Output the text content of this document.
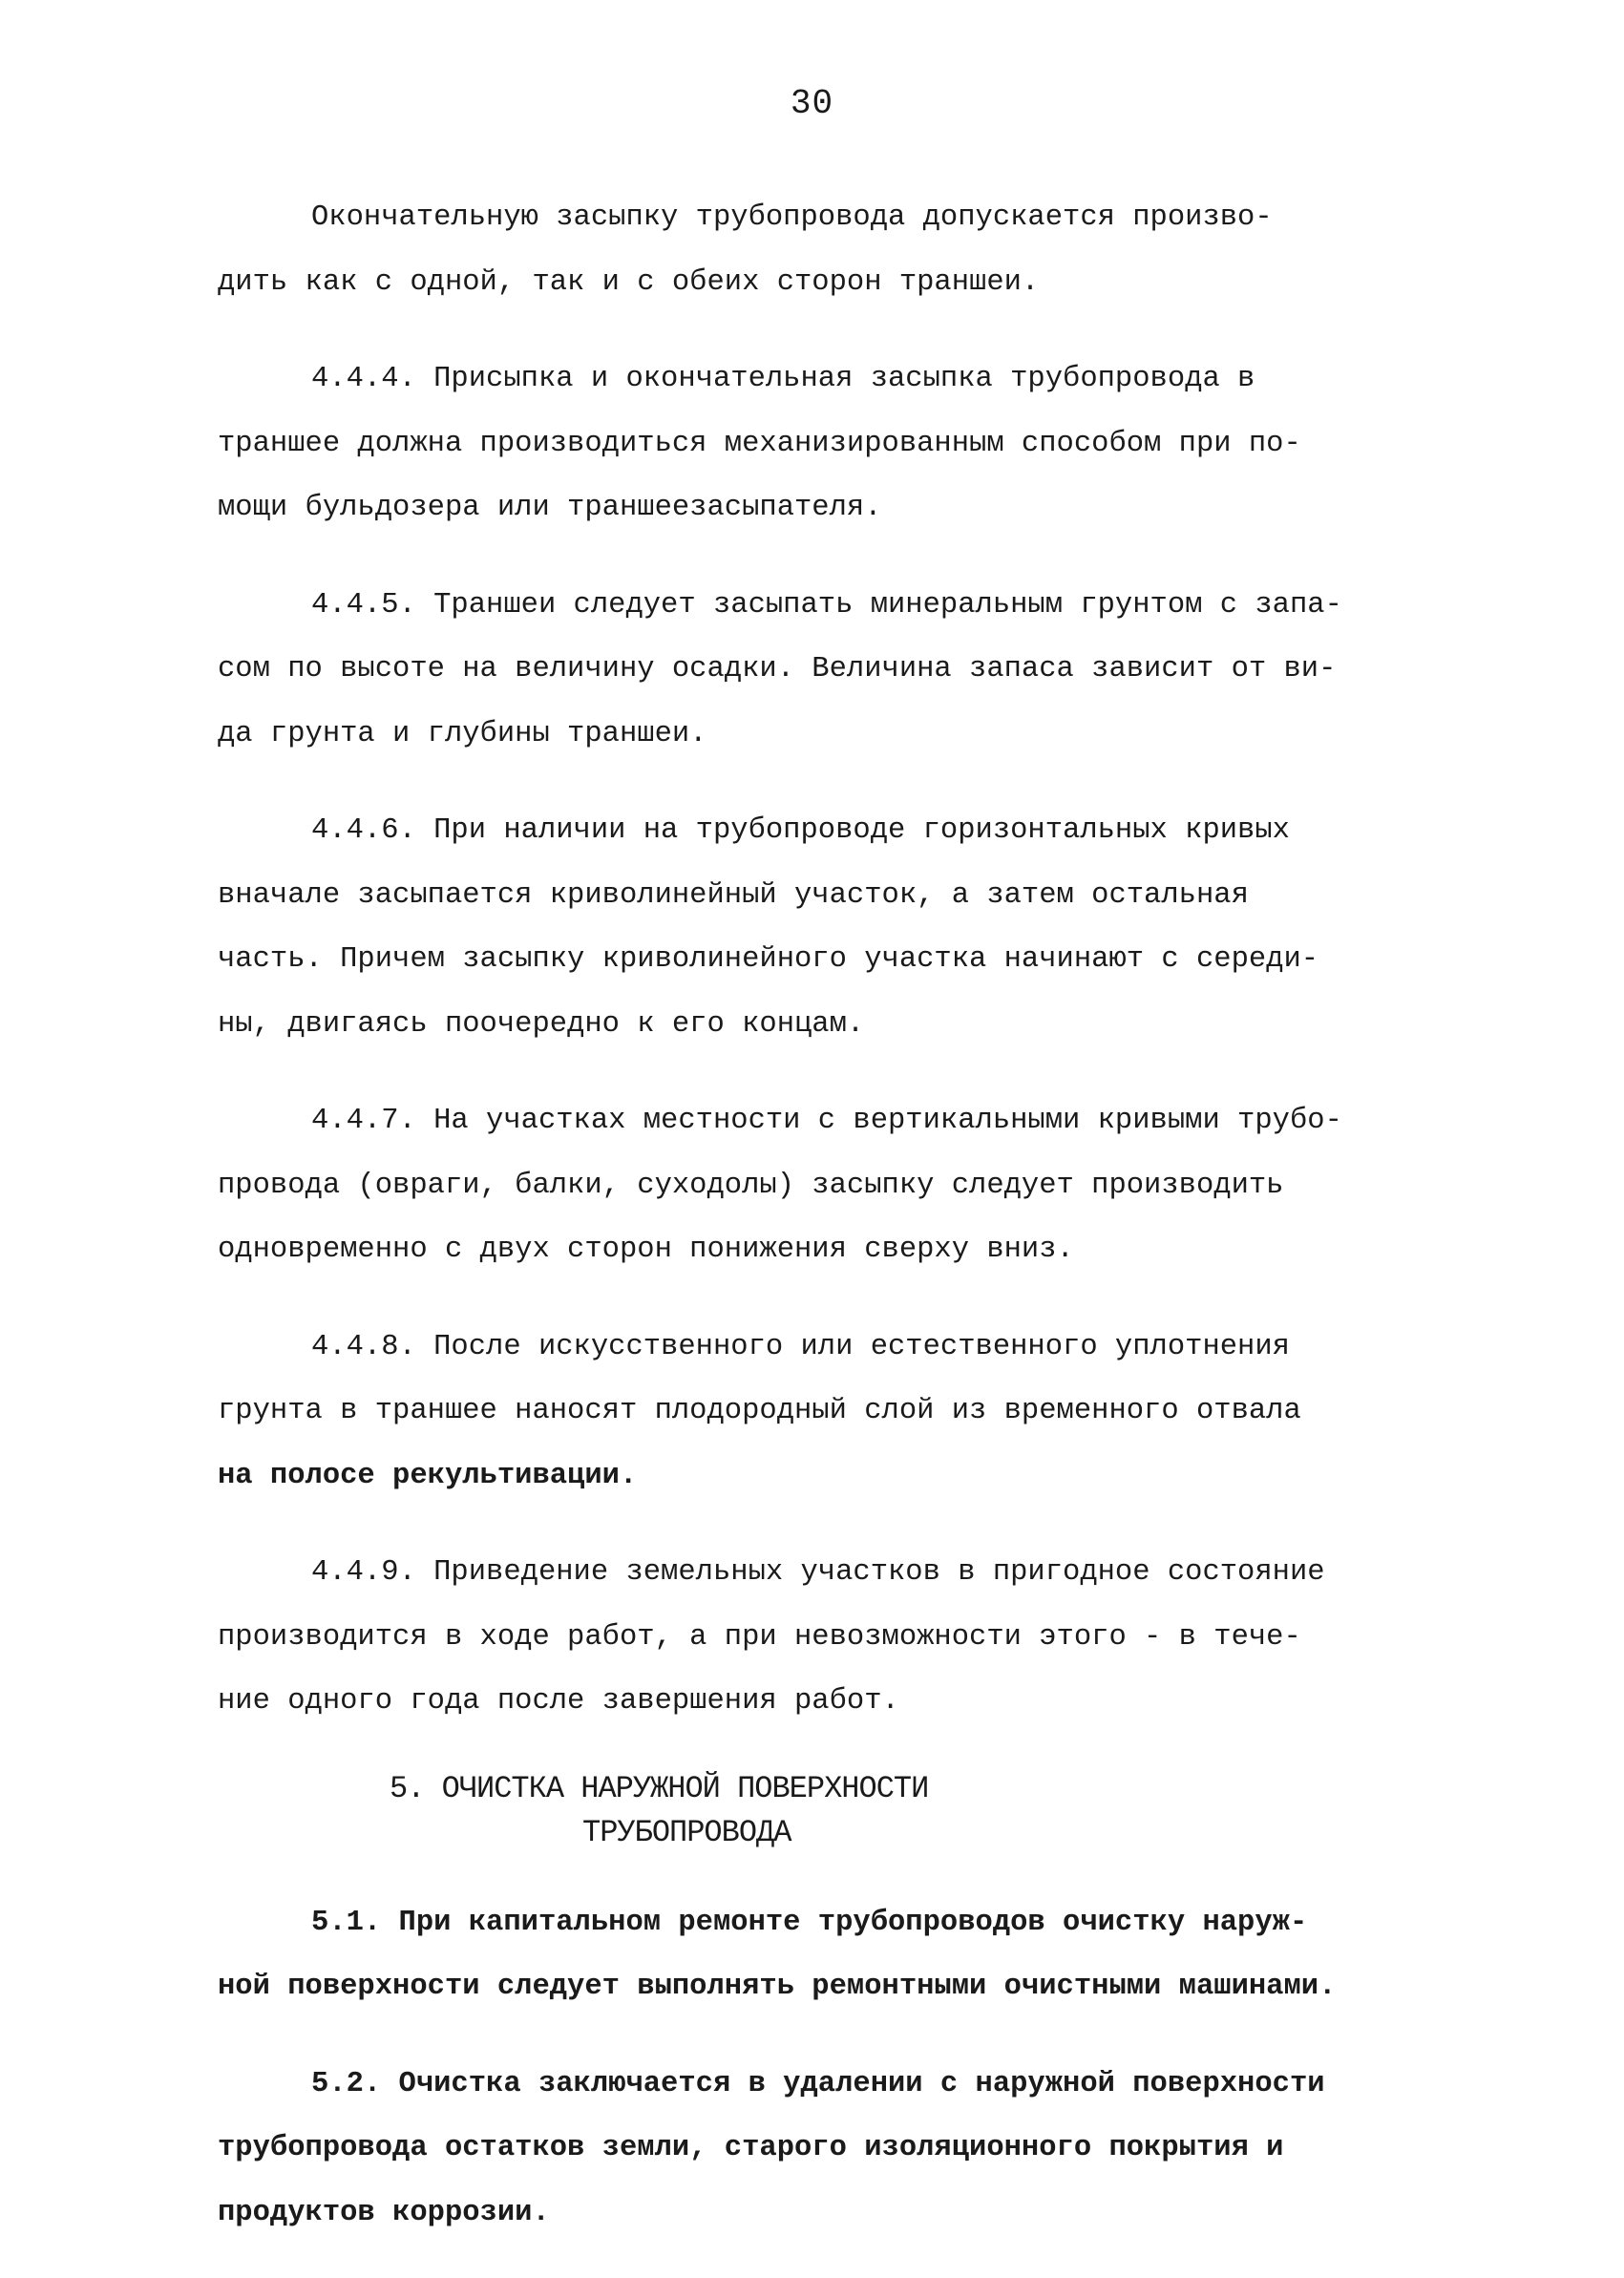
30

Окончательную засыпку трубопровода допускается произво-
дить как с одной, так и с обеих сторон траншеи.

4.4.4. Присыпка и окончательная засыпка трубопровода в
траншее должна производиться механизированным способом при по-
мощи бульдозера или траншеезасыпателя.

4.4.5. Траншеи следует засыпать минеральным грунтом с запа-
сом по высоте на величину осадки. Величина запаса зависит от ви-
да грунта и глубины траншеи.

4.4.6. При наличии на трубопроводе горизонтальных кривых
вначале засыпается криволинейный участок, а затем остальная
часть. Причем засыпку криволинейного участка начинают с середи-
ны, двигаясь поочередно к его концам.

4.4.7. На участках местности с вертикальными кривыми трубо-
провода (овраги, балки, суходолы) засыпку следует производить
одновременно с двух сторон понижения сверху вниз.

4.4.8. После искусственного или естественного уплотнения
грунта в траншее наносят плодородный слой из временного отвала
на полосе рекультивации.

4.4.9. Приведение земельных участков в пригодное состояние
производится в ходе работ, а при невозможности этого - в тече-
ние одного года после завершения работ.

5. ОЧИСТКА НАРУЖНОЙ ПОВЕРХНОСТИ
ТРУБОПРОВОДА

5.1. При капитальном ремонте трубопроводов очистку наруж-
ной поверхности следует выполнять ремонтными очистными машинами.

5.2. Очистка заключается в удалении с наружной поверхности
трубопровода остатков земли, старого изоляционного покрытия и
продуктов коррозии.
